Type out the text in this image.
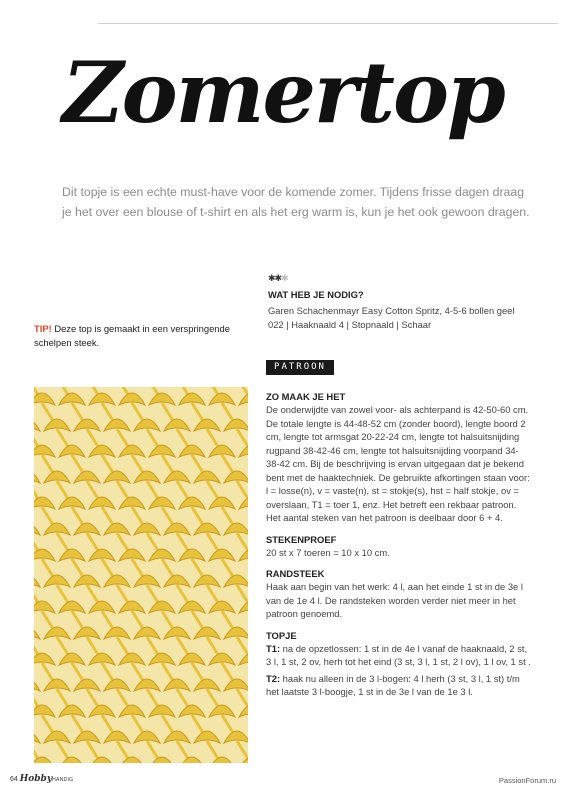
Zomertop
Dit topje is een echte must-have voor de komende zomer. Tijdens frisse dagen draag je het over een blouse of t-shirt en als het erg warm is, kun je het ook gewoon dragen.
✱✱✱
WAT HEB JE NODIG?
Garen Schachenmayr Easy Cotton Spritz, 4-5-6 bollen geel 022 | Haaknaald 4 | Stopnaald | Schaar
TIP! Deze top is gemaakt in een verspringende schelpen steek.
PATROON
ZO MAAK JE HET
De onderwijdte van zowel voor- als achterpand is 42-50-60 cm. De totale lengte is 44-48-52 cm (zonder boord), lengte boord 2 cm, lengte tot armsgat 20-22-24 cm, lengte tot halsuitsnijding rugpand 38-42-46 cm, lengte tot halsuitsnijding voorpand 34-38-42 cm. Bij de beschrijving is ervan uitgegaan dat je bekend bent met de haaktechniek. De gebruikte afkortingen staan voor: l = losse(n), v = vaste(n), st = stokje(s), hst = half stokje, ov = overslaan, T1 = toer 1, enz. Het betreft een rekbaar patroon. Het aantal steken van het patroon is deelbaar door 6 + 4.
STEKENPROEF
20 st x 7 toeren = 10 x 10 cm.
RANDSTEEK
Haak aan begin van het werk: 4 l, aan het einde 1 st in de 3e l van de 1e 4 l. De randsteken worden verder niet meer in het patroon genoemd.
TOPJE
T1: na de opzetlossen: 1 st in de 4e l vanaf de haaknaald, 2 st, 3 l, 1 st, 2 ov, herh tot het eind (3 st, 3 l, 1 st, 2 l ov), 1 l ov, 1 st .
T2: haak nu alleen in de 3 l-bogen: 4 l herh (3 st, 3 l, 1 st) t/m het laatste 3 l-boogje, 1 st in de 3e l van de 1e 3 l.
64 HobbyHANDIG	PassionForum.ru
